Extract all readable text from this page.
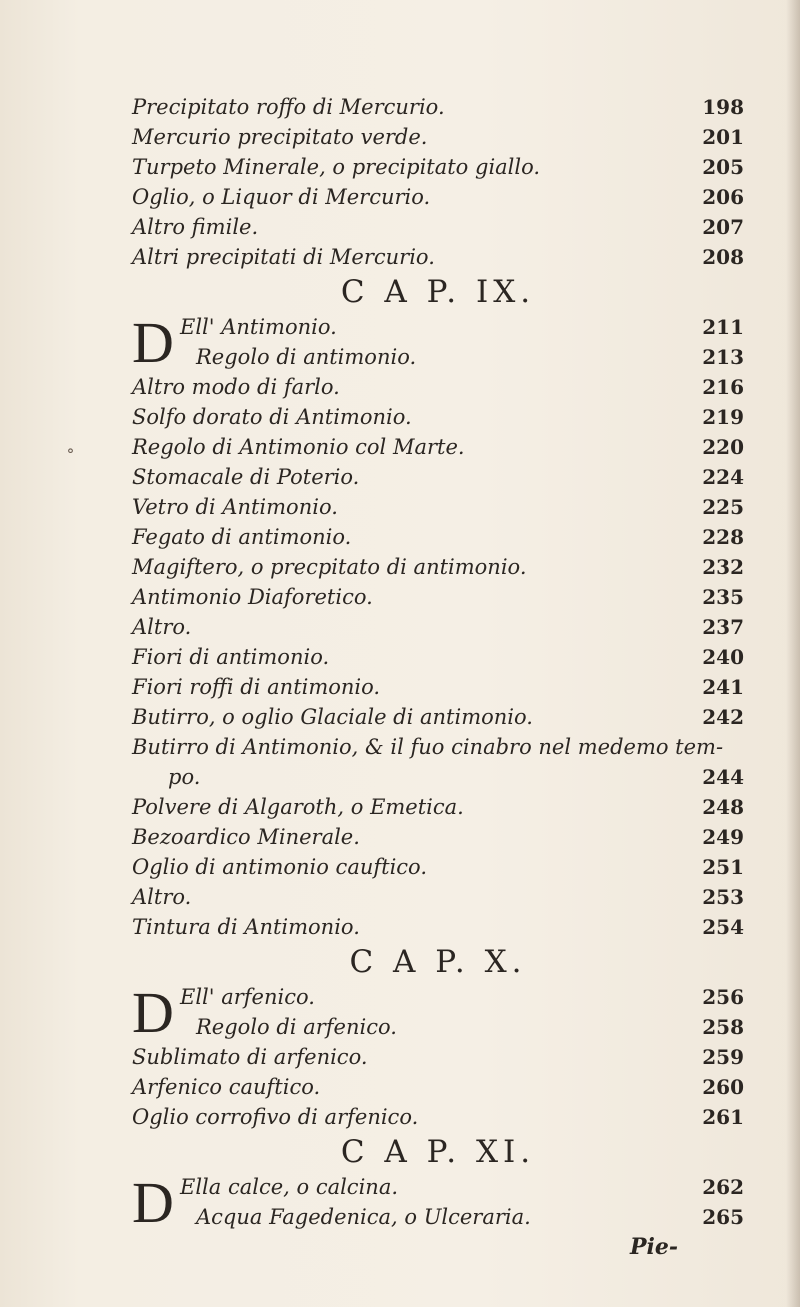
˚
Precipitato roffo di Mercurio.	198
Mercurio precipitato verde.	201
Turpeto Minerale, o precipitato giallo.	205
Oglio, o Liquor di Mercurio.	206
Altro fimile.	207
Altri precipitati di Mercurio.	208
C A P. IX.
D Ell' Antimonio.	211
Regolo di antimonio.	213
Altro modo di farlo.	216
Solfo dorato di Antimonio.	219
Regolo di Antimonio col Marte.	220
Stomacale di Poterio.	224
Vetro di Antimonio.	225
Fegato di antimonio.	228
Magiftero, o precpitato di antimonio.	232
Antimonio Diaforetico.	235
Altro.	237
Fiori di antimonio.	240
Fiori roffi di antimonio.	241
Butirro, o oglio Glaciale di antimonio.	242
Butirro di Antimonio, & il fuo cinabro nel medemo tem-
po.	244
Polvere di Algaroth, o Emetica.	248
Bezoardico Minerale.	249
Oglio di antimonio cauftico.	251
Altro.	253
Tintura di Antimonio.	254
C A P. X.
D Ell' arfenico.	256
Regolo di arfenico.	258
Sublimato di arfenico.	259
Arfenico cauftico.	260
Oglio corrofivo di arfenico.	261
C A P. XI.
D Ella calce, o calcina.	262
Acqua Fagedenica, o Ulceraria.	265
Pie-
